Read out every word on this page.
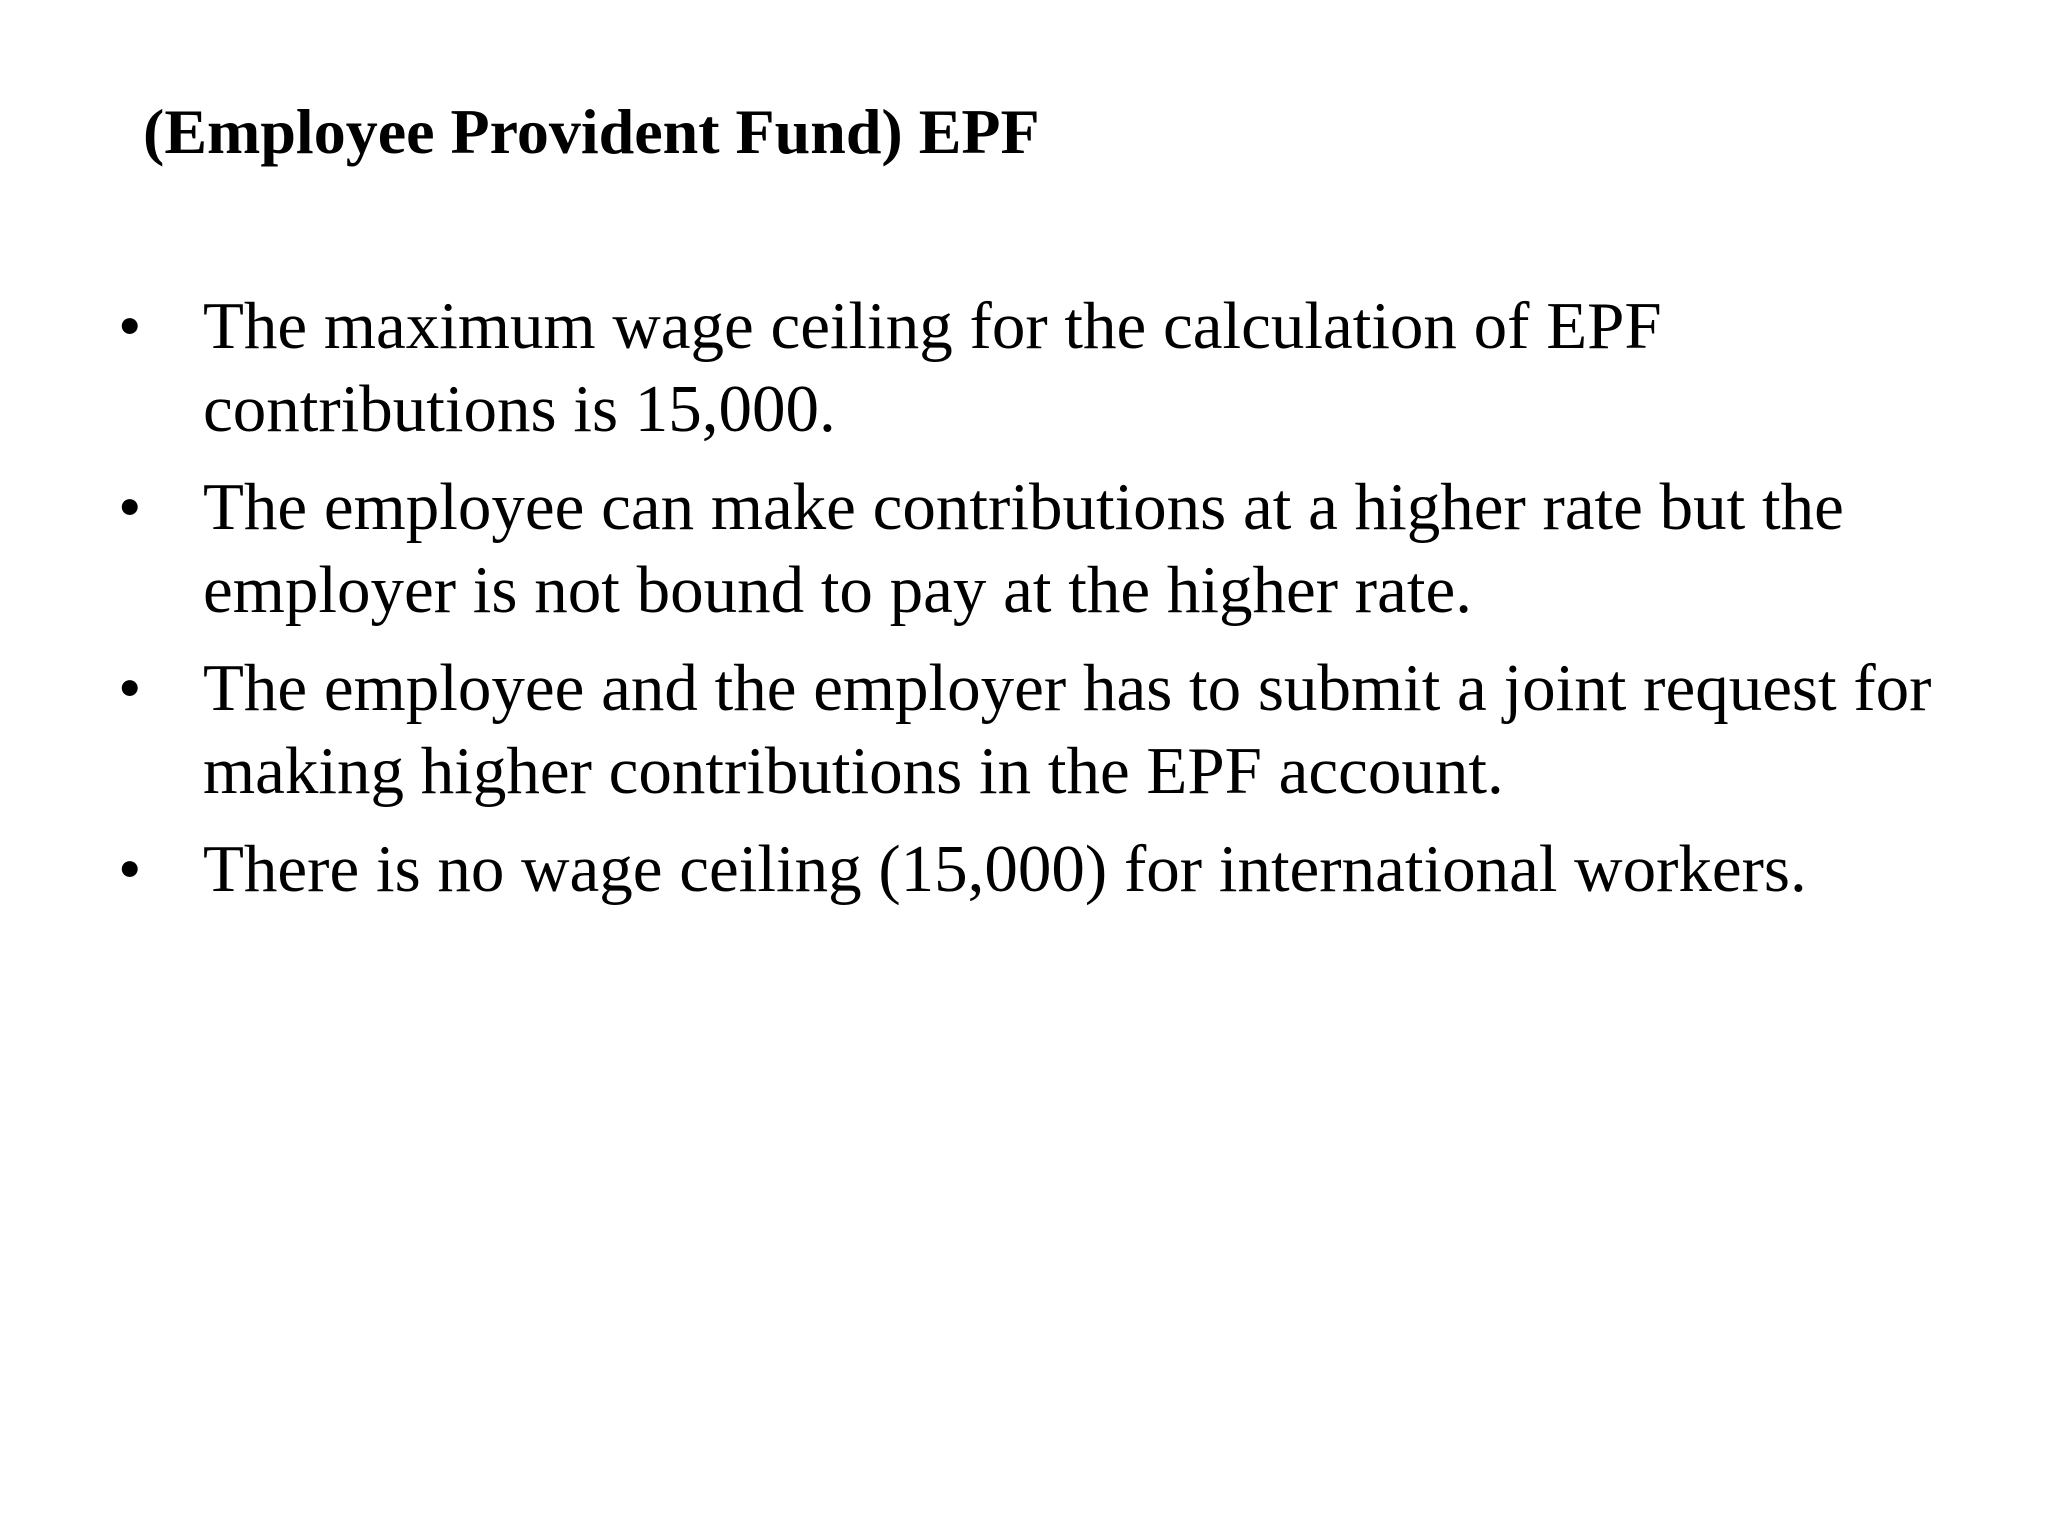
(Employee Provident Fund) EPF
• The maximum wage ceiling for the calculation of EPF contributions is 15,000.
• The employee can make contributions at a higher rate but the employer is not bound to pay at the higher rate.
• The employee and the employer has to submit a joint request for making higher contributions in the EPF account.
• There is no wage ceiling (15,000) for international workers.
